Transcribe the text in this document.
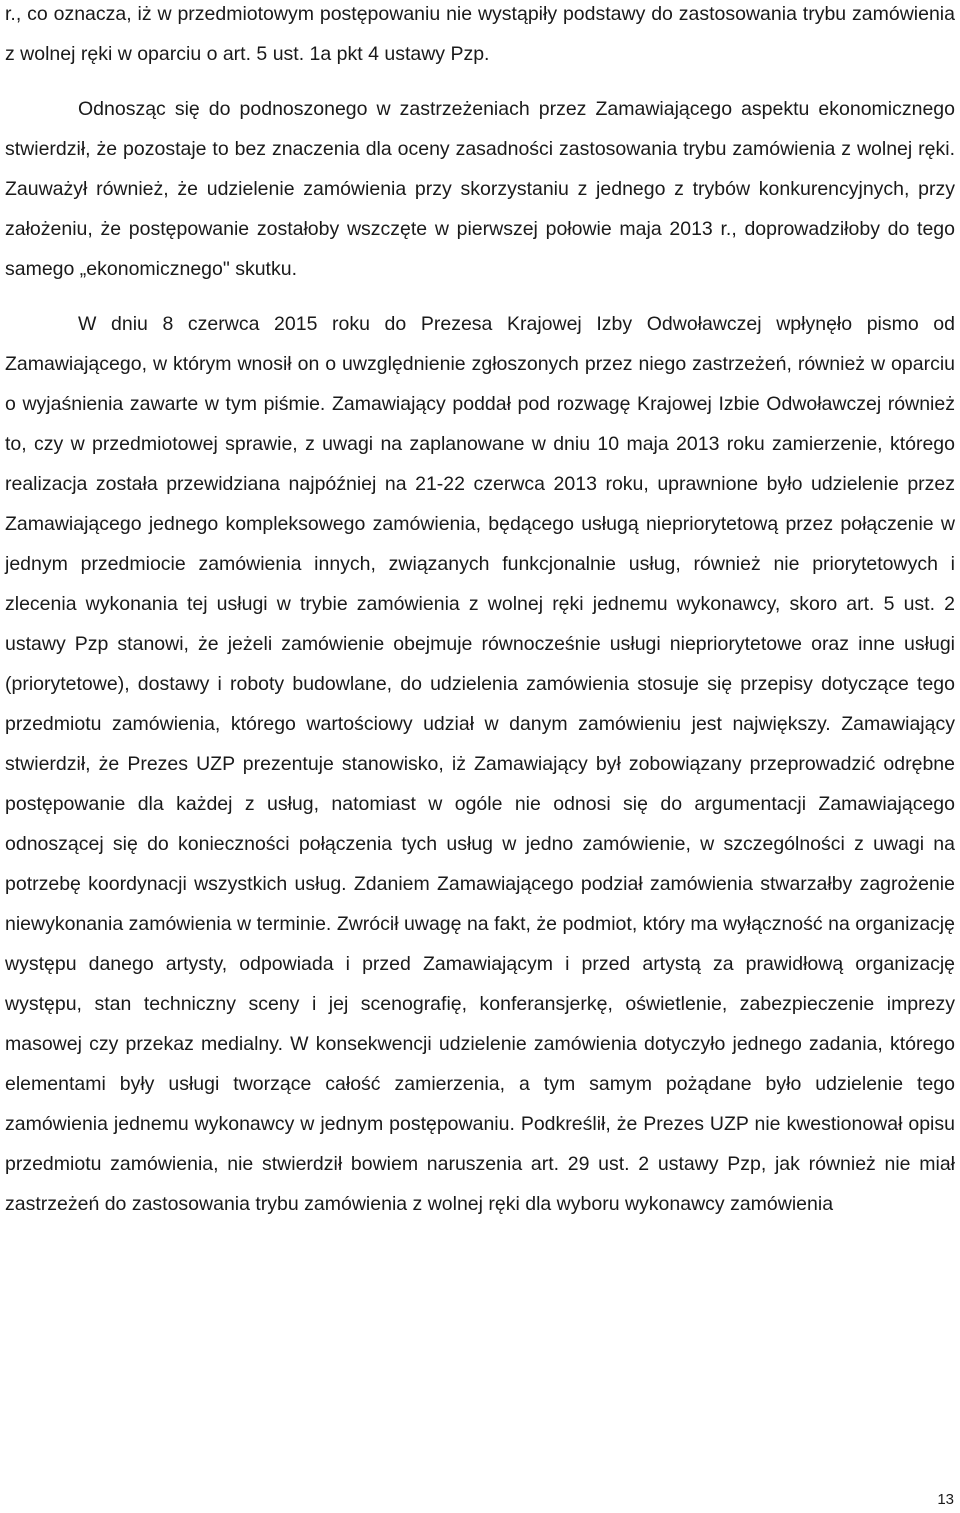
r., co oznacza, iż w przedmiotowym postępowaniu nie wystąpiły podstawy do zastosowania trybu zamówienia z wolnej ręki w oparciu o art. 5 ust. 1a pkt 4 ustawy Pzp.

Odnosząc się do podnoszonego w zastrzeżeniach przez Zamawiającego aspektu ekonomicznego stwierdził, że pozostaje to bez znaczenia dla oceny zasadności zastosowania trybu zamówienia z wolnej ręki. Zauważył również, że udzielenie zamówienia przy skorzystaniu z jednego z trybów konkurencyjnych, przy założeniu, że postępowanie zostałoby wszczęte w pierwszej połowie maja 2013 r., doprowadziłoby do tego samego „ekonomicznego" skutku.

W dniu 8 czerwca 2015 roku do Prezesa Krajowej Izby Odwoławczej wpłynęło pismo od Zamawiającego, w którym wnosił on o uwzględnienie zgłoszonych przez niego zastrzeżeń, również w oparciu o wyjaśnienia zawarte w tym piśmie. Zamawiający poddał pod rozwagę Krajowej Izbie Odwoławczej również to, czy w przedmiotowej sprawie, z uwagi na zaplanowane w dniu 10 maja 2013 roku zamierzenie, którego realizacja została przewidziana najpóźniej na 21-22 czerwca 2013 roku, uprawnione było udzielenie przez Zamawiającego jednego kompleksowego zamówienia, będącego usługą niepriorytetową przez połączenie w jednym przedmiocie zamówienia innych, związanych funkcjonalnie usług, również nie priorytetowych i zlecenia wykonania tej usługi w trybie zamówienia z wolnej ręki jednemu wykonawcy, skoro art. 5 ust. 2 ustawy Pzp stanowi, że jeżeli zamówienie obejmuje równocześnie usługi niepriorytetowe oraz inne usługi (priorytetowe), dostawy i roboty budowlane, do udzielenia zamówienia stosuje się przepisy dotyczące tego przedmiotu zamówienia, którego wartościowy udział w danym zamówieniu jest największy. Zamawiający stwierdził, że Prezes UZP prezentuje stanowisko, iż Zamawiający był zobowiązany przeprowadzić odrębne postępowanie dla każdej z usług, natomiast w ogóle nie odnosi się do argumentacji Zamawiającego odnoszącej się do konieczności połączenia tych usług w jedno zamówienie, w szczególności z uwagi na potrzebę koordynacji wszystkich usług. Zdaniem Zamawiającego podział zamówienia stwarzałby zagrożenie niewykonania zamówienia w terminie. Zwrócił uwagę na fakt, że podmiot, który ma wyłączność na organizację występu danego artysty, odpowiada i przed Zamawiającym i przed artystą za prawidłową organizację występu, stan techniczny sceny i jej scenografię, konferansjerkę, oświetlenie, zabezpieczenie imprezy masowej czy przekaz medialny. W konsekwencji udzielenie zamówienia dotyczyło jednego zadania, którego elementami były usługi tworzące całość zamierzenia, a tym samym pożądane było udzielenie tego zamówienia jednemu wykonawcy w jednym postępowaniu. Podkreślił, że Prezes UZP nie kwestionował opisu przedmiotu zamówienia, nie stwierdził bowiem naruszenia art. 29 ust. 2 ustawy Pzp, jak również nie miał zastrzeżeń do zastosowania trybu zamówienia z wolnej ręki dla wyboru wykonawcy zamówienia

13
